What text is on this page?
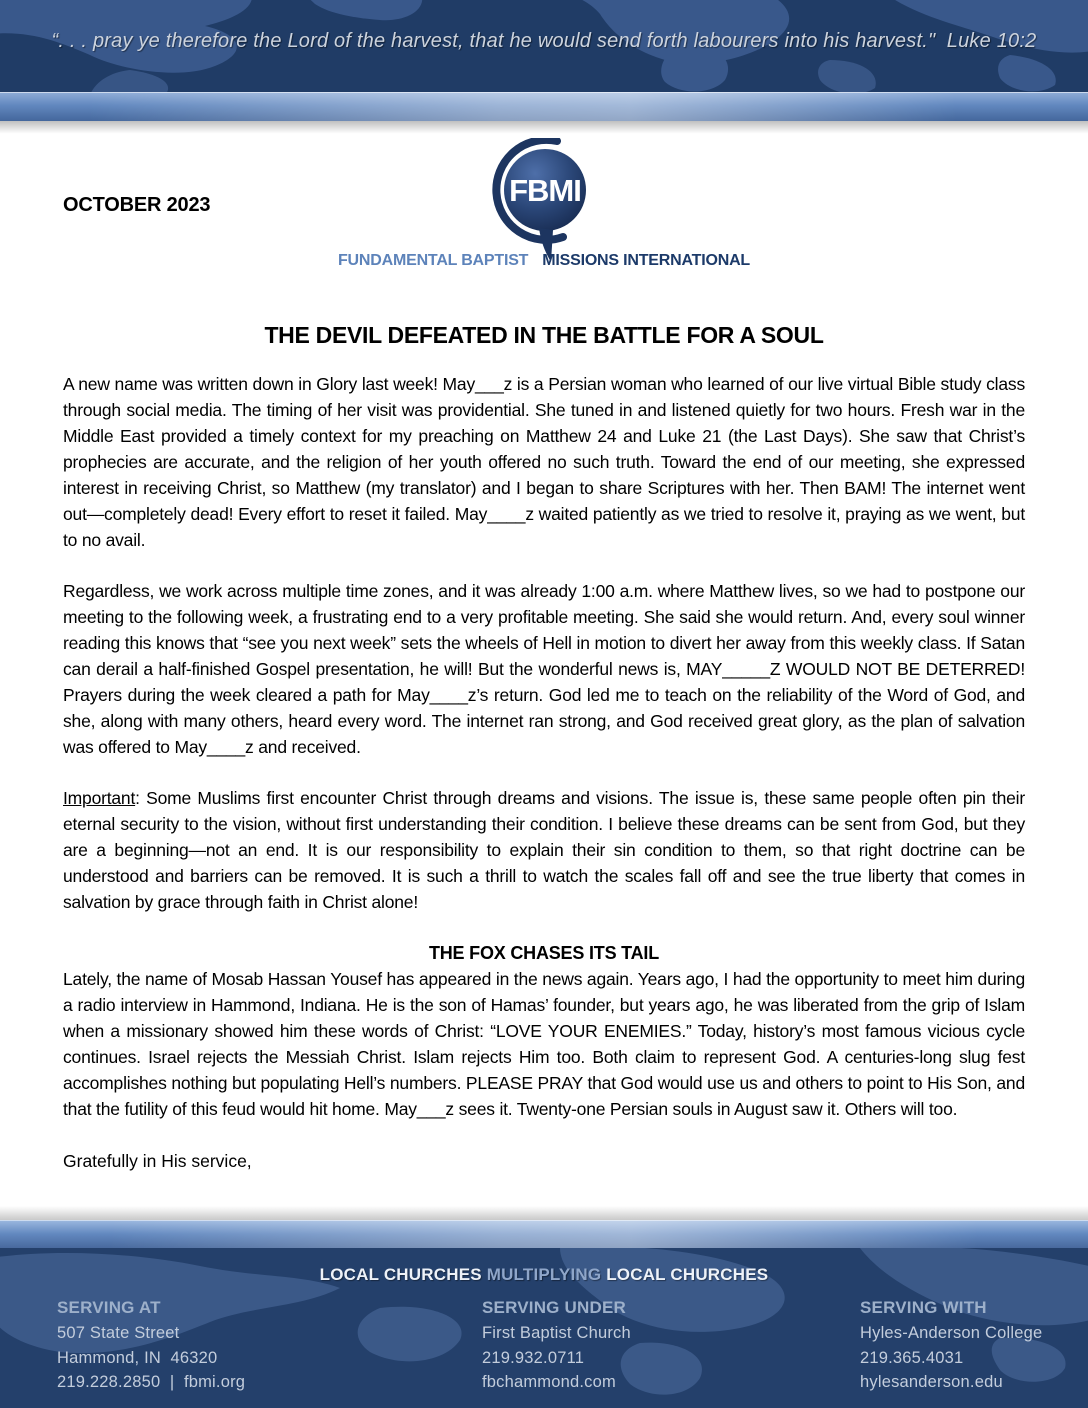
“. . . pray ye therefore the Lord of the harvest, that he would send forth labourers into his harvest."  Luke 10:2
OCTOBER 2023	FBMI
FUNDAMENTAL BAPTIST MISSIONS INTERNATIONAL
THE DEVIL DEFEATED IN THE BATTLE FOR A SOUL

A new name was written down in Glory last week! May___z is a Persian woman who learned of our live virtual Bible study class through social media. The timing of her visit was providential. She tuned in and listened quietly for two hours. Fresh war in the Middle East provided a timely context for my preaching on Matthew 24 and Luke 21 (the Last Days). She saw that Christ’s prophecies are accurate, and the religion of her youth offered no such truth. Toward the end of our meeting, she expressed interest in receiving Christ, so Matthew (my translator) and I began to share Scriptures with her. Then BAM! The internet went out—completely dead! Every effort to reset it failed. May____z waited patiently as we tried to resolve it, praying as we went, but to no avail.

Regardless, we work across multiple time zones, and it was already 1:00 a.m. where Matthew lives, so we had to postpone our meeting to the following week, a frustrating end to a very profitable meeting. She said she would return. And, every soul winner reading this knows that “see you next week” sets the wheels of Hell in motion to divert her away from this weekly class. If Satan can derail a half-finished Gospel presentation, he will! But the wonderful news is, MAY_____Z WOULD NOT BE DETERRED! Prayers during the week cleared a path for May____z’s return. God led me to teach on the reliability of the Word of God, and she, along with many others, heard every word. The internet ran strong, and God received great glory, as the plan of salvation was offered to May____z and received.

Important: Some Muslims first encounter Christ through dreams and visions. The issue is, these same people often pin their eternal security to the vision, without first understanding their condition. I believe these dreams can be sent from God, but they are a beginning—not an end. It is our responsibility to explain their sin condition to them, so that right doctrine can be understood and barriers can be removed. It is such a thrill to watch the scales fall off and see the true liberty that comes in salvation by grace through faith in Christ alone!

THE FOX CHASES ITS TAIL

Lately, the name of Mosab Hassan Yousef has appeared in the news again. Years ago, I had the opportunity to meet him during a radio interview in Hammond, Indiana. He is the son of Hamas’ founder, but years ago, he was liberated from the grip of Islam when a missionary showed him these words of Christ: “LOVE YOUR ENEMIES.” Today, history’s most famous vicious cycle continues. Israel rejects the Messiah Christ. Islam rejects Him too. Both claim to represent God. A centuries-long slug fest accomplishes nothing but populating Hell’s numbers. PLEASE PRAY that God would use us and others to point to His Son, and that the futility of this feud would hit home. May___z sees it. Twenty-one Persian souls in August saw it. Others will too.

Gratefully in His service,
LOCAL CHURCHES MULTIPLYING LOCAL CHURCHES
SERVING AT
507 State Street
Hammond, IN  46320
219.228.2850  |  fbmi.org
SERVING UNDER
First Baptist Church
219.932.0711
fbchammond.com
SERVING WITH
Hyles-Anderson College
219.365.4031
hylesanderson.edu
